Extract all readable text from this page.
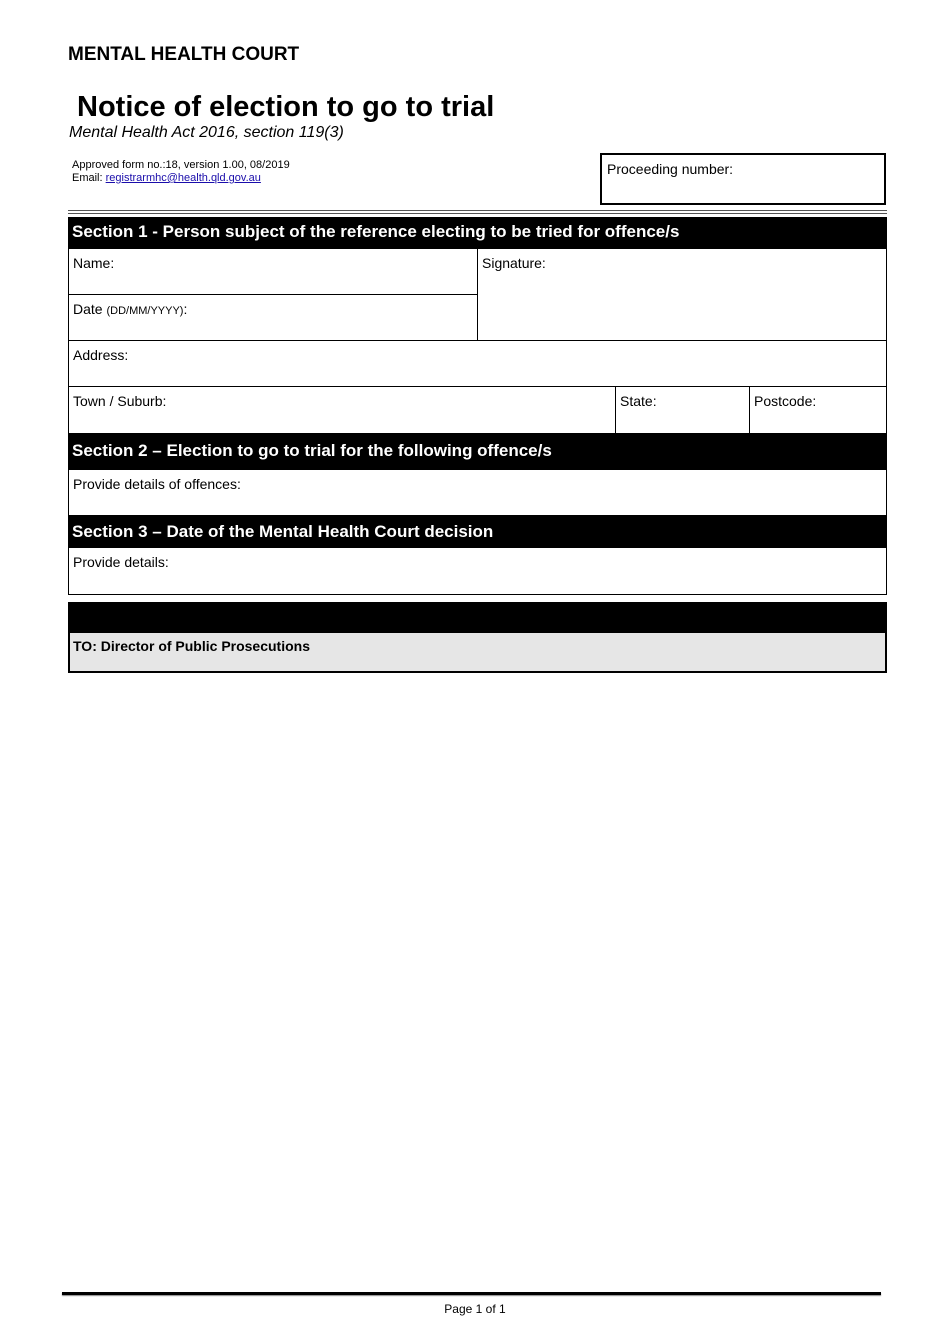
MENTAL HEALTH COURT
Notice of election to go to trial
Mental Health Act 2016, section 119(3)
Approved form no.:18, version 1.00, 08/2019
Email: registrarmhc@health.qld.gov.au
Proceeding number:
Section 1 - Person subject of the reference electing to be tried for offence/s
Name:	Signature:
Date (DD/MM/YYYY):
Address:
Town / Suburb:	State:	Postcode:
Section 2 – Election to go to trial for the following offence/s
Provide details of offences:
Section 3 – Date of the Mental Health Court decision
Provide details:
TO: Director of Public Prosecutions
Page 1 of 1
